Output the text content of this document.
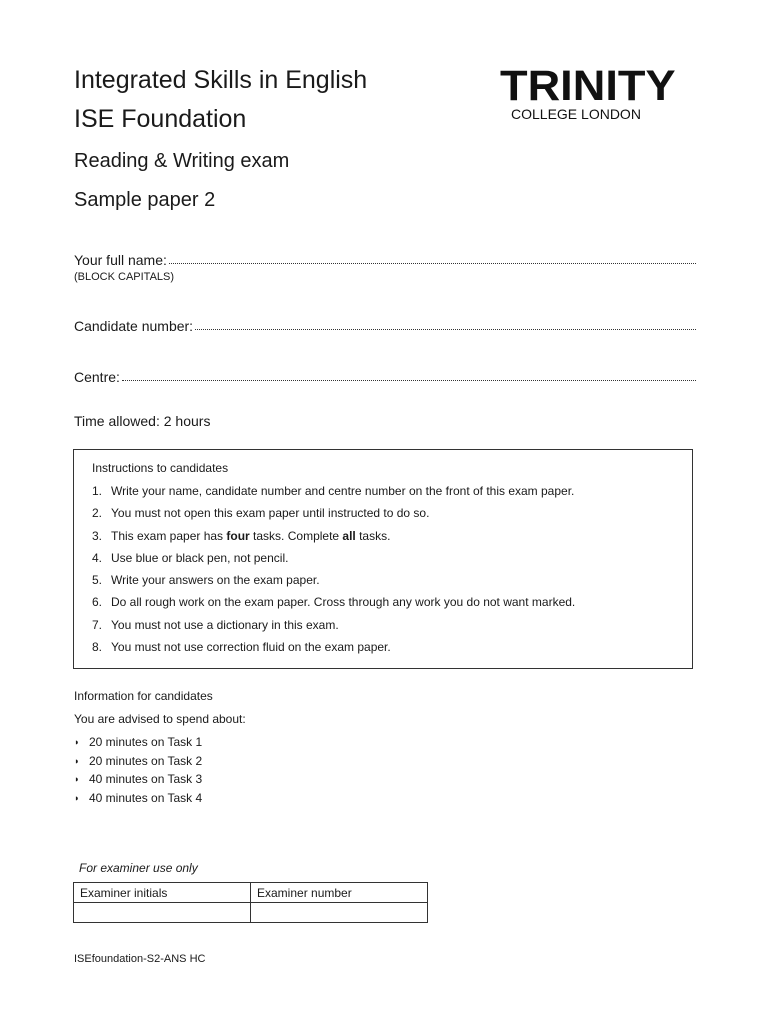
Integrated Skills in English
ISE Foundation
Reading & Writing exam
Sample paper 2
TRINITY
COLLEGE LONDON
Your full name:
(BLOCK CAPITALS)
Candidate number:
Centre:
Time allowed: 2 hours
Instructions to candidates
1. Write your name, candidate number and centre number on the front of this exam paper.
2. You must not open this exam paper until instructed to do so.
3. This exam paper has four tasks. Complete all tasks.
4. Use blue or black pen, not pencil.
5. Write your answers on the exam paper.
6. Do all rough work on the exam paper. Cross through any work you do not want marked.
7. You must not use a dictionary in this exam.
8. You must not use correction fluid on the exam paper.
Information for candidates
You are advised to spend about:
◗ 20 minutes on Task 1
◗ 20 minutes on Task 2
◗ 40 minutes on Task 3
◗ 40 minutes on Task 4
For examiner use only
Examiner initials	Examiner number

ISEfoundation-S2-ANS HC
